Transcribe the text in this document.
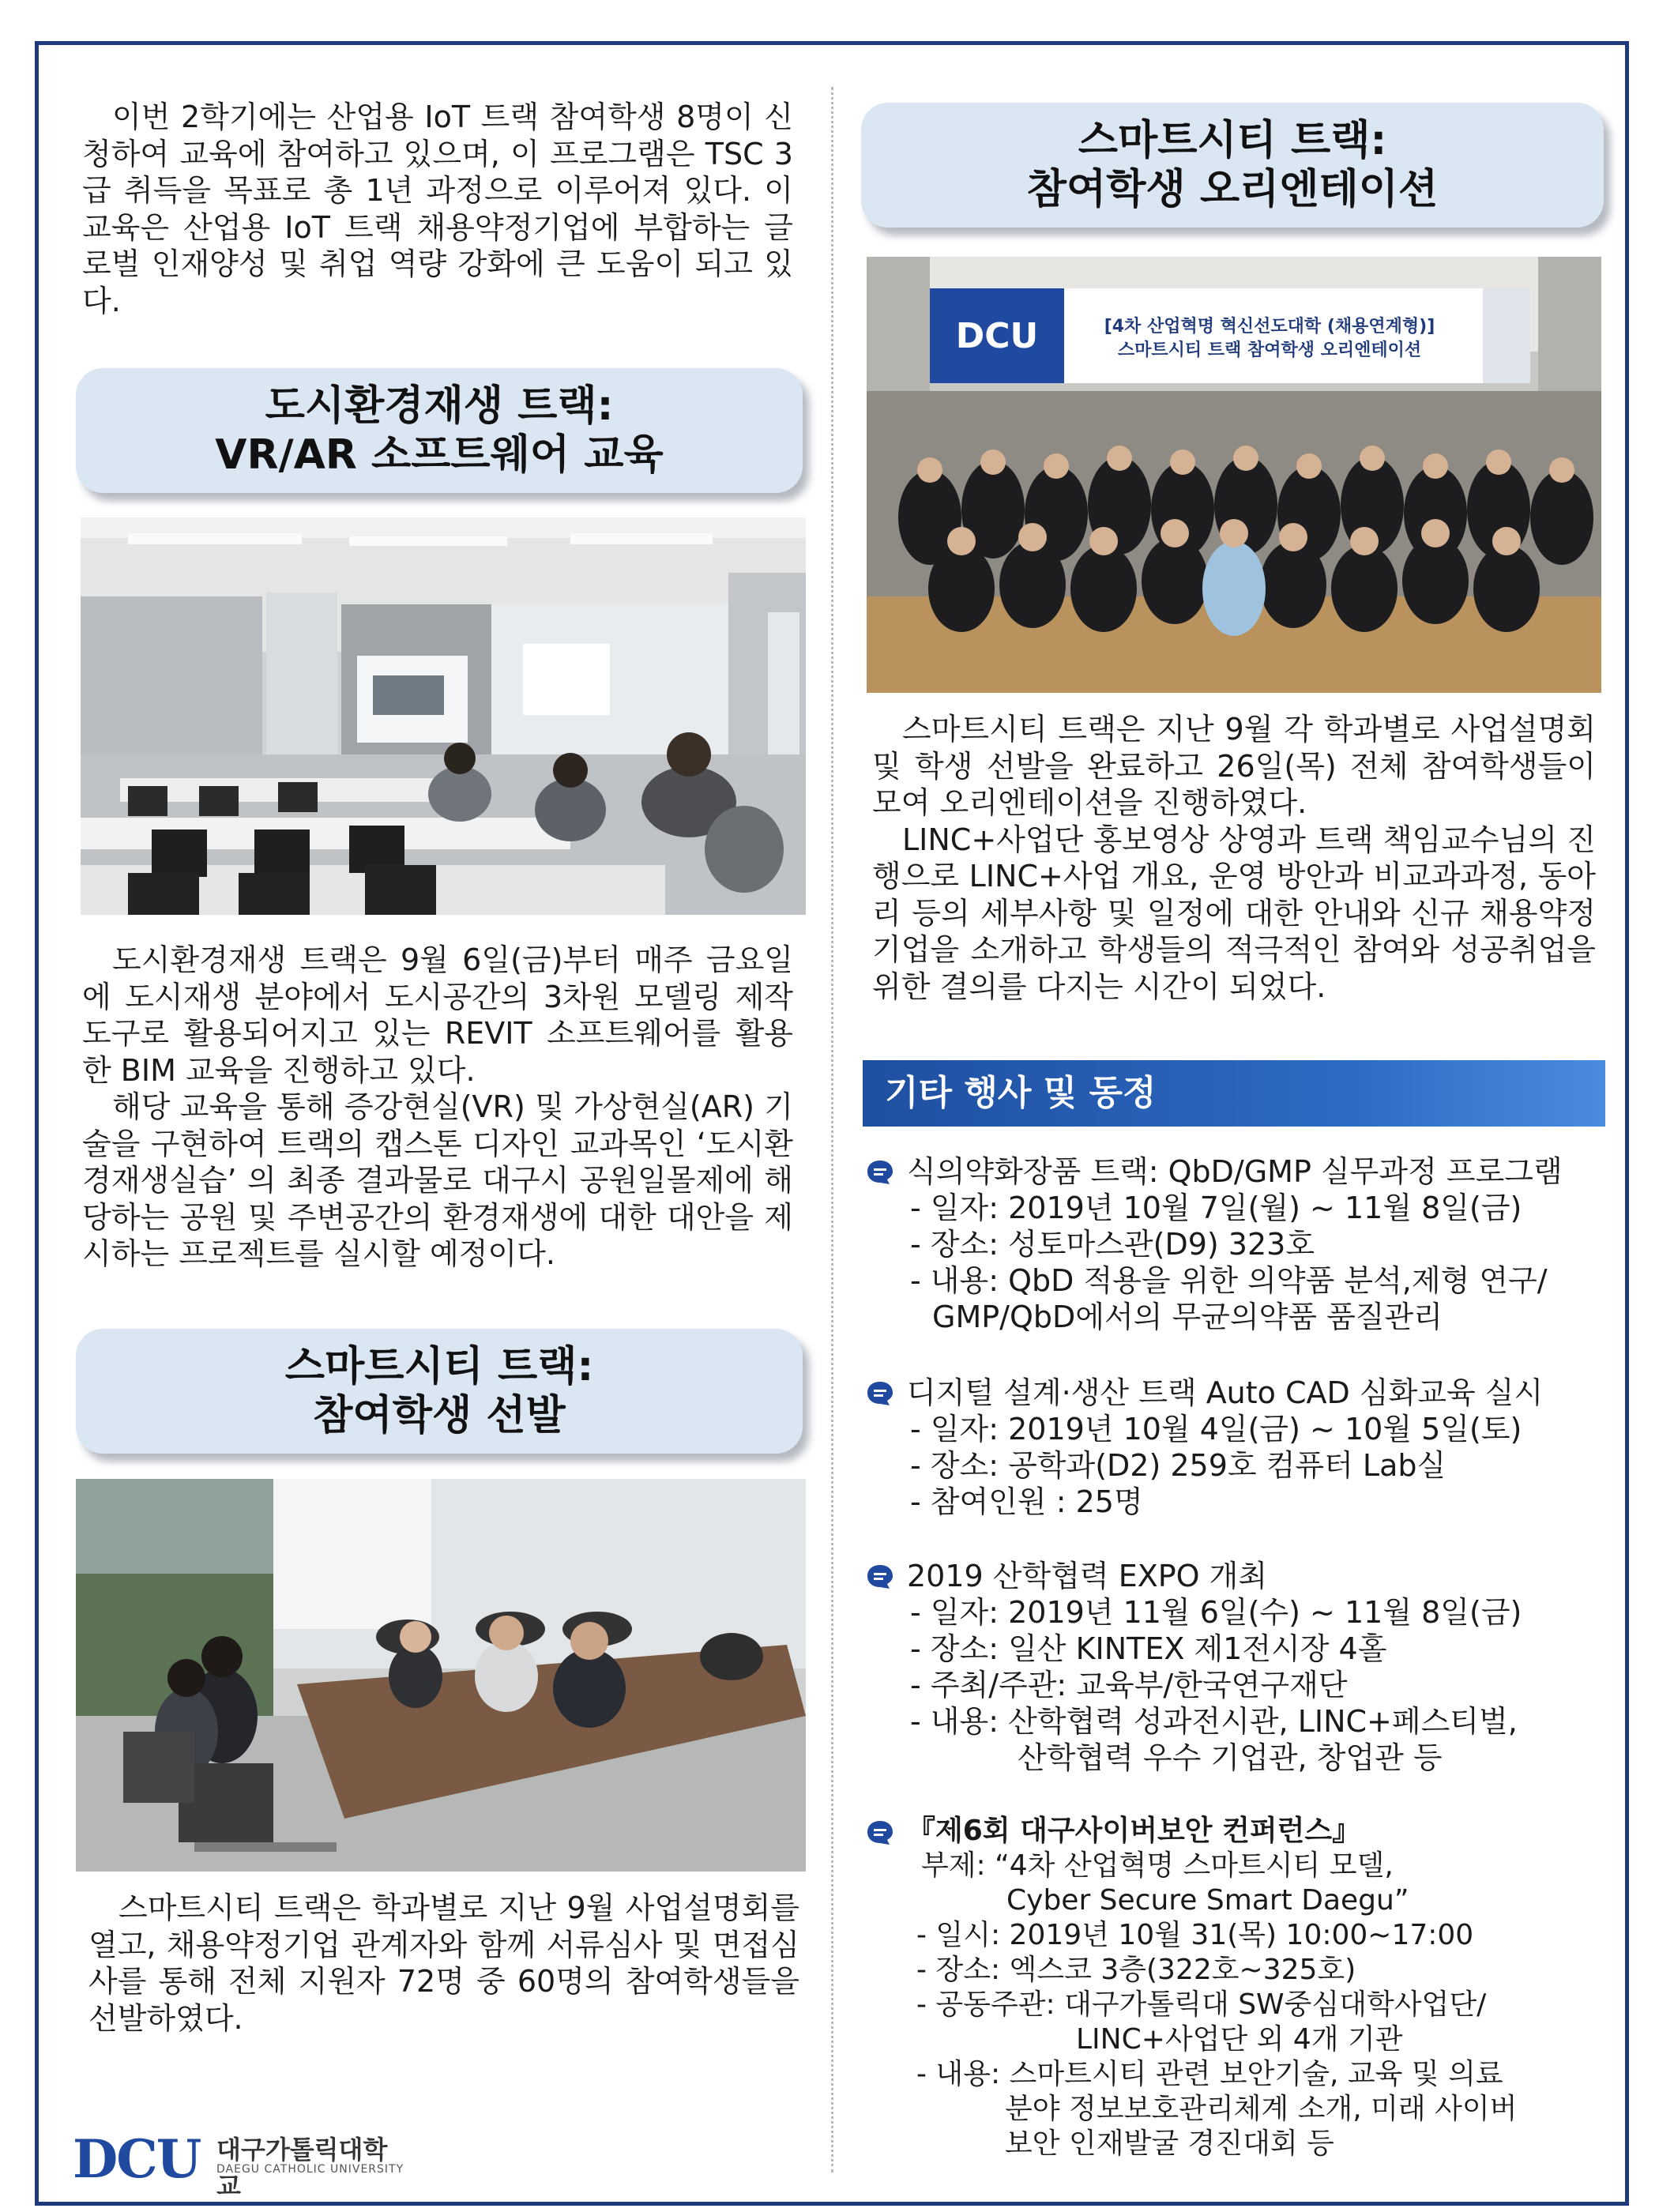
이번 2학기에는 산업용 IoT 트랙 참여학생 8명이 신청하여 교육에 참여하고 있으며, 이 프로그램은 TSC 3급 취득을 목표로 총 1년 과정으로 이루어져 있다. 이 교육은 산업용 IoT 트랙 채용약정기업에 부합하는 글로벌 인재양성 및 취업 역량 강화에 큰 도움이 되고 있다.

도시환경재생 트랙:
VR/AR 소프트웨어 교육

도시환경재생 트랙은 9월 6일(금)부터 매주 금요일에 도시재생 분야에서 도시공간의 3차원 모델링 제작 도구로 활용되어지고 있는 REVIT 소프트웨어를 활용한 BIM 교육을 진행하고 있다.

해당 교육을 통해 증강현실(VR) 및 가상현실(AR) 기술을 구현하여 트랙의 캡스톤 디자인 교과목인 ‘도시환경재생실습’ 의 최종 결과물로 대구시 공원일몰제에 해당하는 공원 및 주변공간의 환경재생에 대한 대안을 제시하는 프로젝트를 실시할 예정이다.

스마트시티 트랙:
참여학생 선발

스마트시티 트랙은 학과별로 지난 9월 사업설명회를 열고, 채용약정기업 관계자와 함께 서류심사 및 면접심사를 통해 전체 지원자 72명 중 60명의 참여학생들을 선발하였다.

DCU 대구가톨릭대학교
DAEGU CATHOLIC UNIVERSITY
스마트시티 트랙:
참여학생 오리엔테이션
DCU	[4차 산업혁명 혁신선도대학 (채용연계형)]
스마트시티 트랙 참여학생 오리엔테이션

스마트시티 트랙은 지난 9월 각 학과별로 사업설명회 및 학생 선발을 완료하고 26일(목) 전체 참여학생들이 모여 오리엔테이션을 진행하였다.

LINC+사업단 홍보영상 상영과 트랙 책임교수님의 진행으로 LINC+사업 개요, 운영 방안과 비교과과정, 동아리 등의 세부사항 및 일정에 대한 안내와 신규 채용약정기업을 소개하고 학생들의 적극적인 참여와 성공취업을 위한 결의를 다지는 시간이 되었다.

기타 행사 및 동정
식의약화장품 트랙: QbD/GMP 실무과정 프로그램
- 일자: 2019년 10월 7일(월) ~ 11월 8일(금)
- 장소: 성토마스관(D9) 323호
- 내용: QbD 적용을 위한 의약품 분석,제형 연구/
GMP/QbD에서의 무균의약품 품질관리
디지털 설계·생산 트랙 Auto CAD 심화교육 실시
- 일자: 2019년 10월 4일(금) ~ 10월 5일(토)
- 장소: 공학과(D2) 259호 컴퓨터 Lab실
- 참여인원 : 25명
2019 산학협력 EXPO 개최
- 일자: 2019년 11월 6일(수) ~ 11월 8일(금)
- 장소: 일산 KINTEX 제1전시장 4홀
- 주최/주관: 교육부/한국연구재단
- 내용: 산학협력 성과전시관, LINC+페스티벌,
산학협력 우수 기업관, 창업관 등
『제6회 대구사이버보안 컨퍼런스』
부제: “4차 산업혁명 스마트시티 모델,
Cyber Secure Smart Daegu”
- 일시: 2019년 10월 31(목) 10:00~17:00
- 장소: 엑스코 3층(322호~325호)
- 공동주관: 대구가톨릭대 SW중심대학사업단/
LINC+사업단 외 4개 기관
- 내용: 스마트시티 관련 보안기술, 교육 및 의료
분야 정보보호관리체계 소개, 미래 사이버
보안 인재발굴 경진대회 등
